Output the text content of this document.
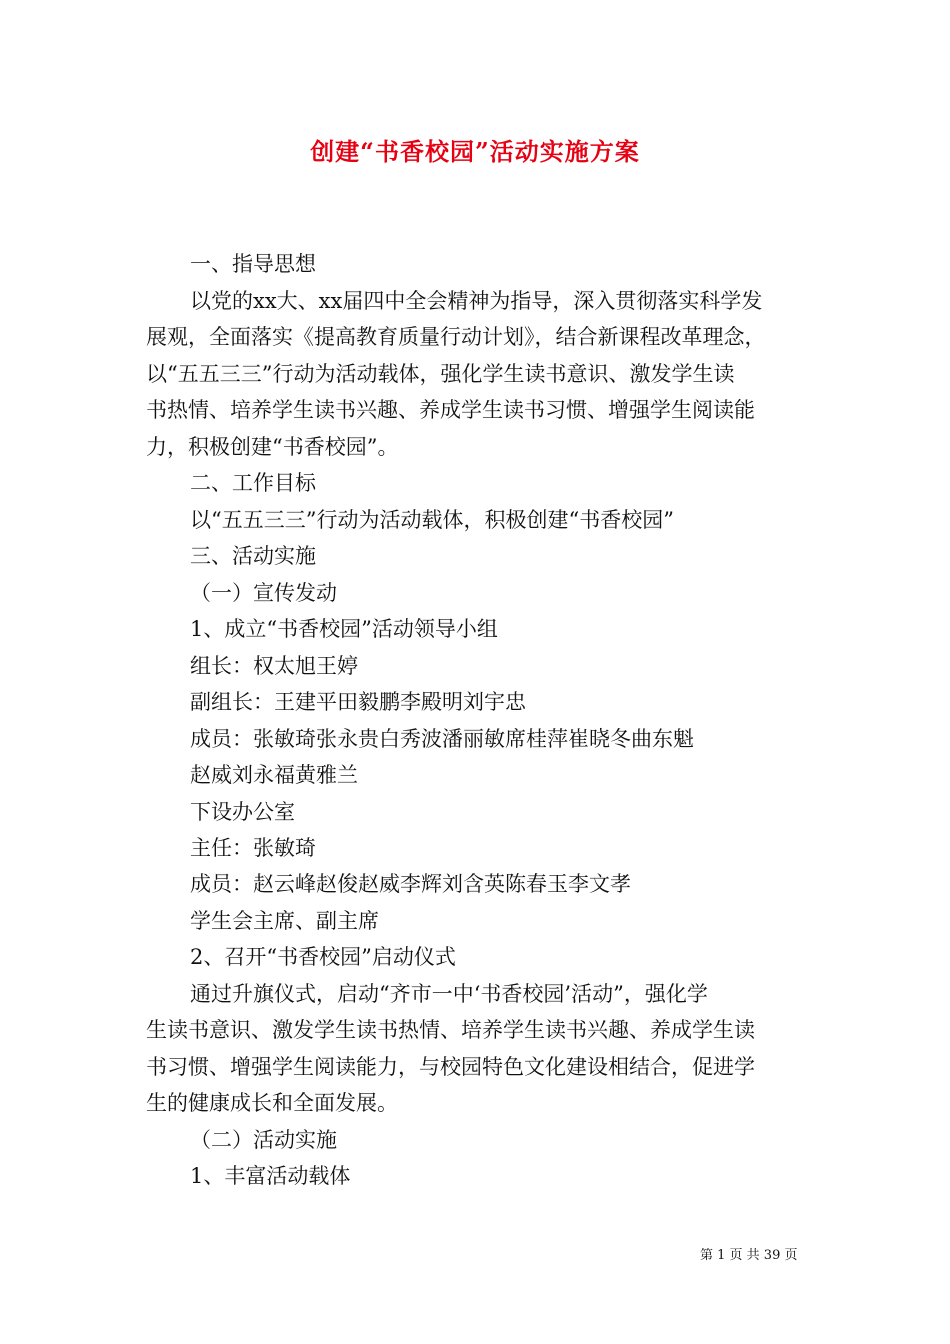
创建“书香校园”活动实施方案

一、指导思想

以党的xx大、xx届四中全会精神为指导，深入贯彻落实科学发

展观，全面落实《提高教育质量行动计划》，结合新课程改革理念，

以“五五三三”行动为活动载体，强化学生读书意识、激发学生读

书热情、培养学生读书兴趣、养成学生读书习惯、增强学生阅读能

力，积极创建“书香校园”。

二、工作目标

以“五五三三”行动为活动载体，积极创建“书香校园”

三、活动实施

（一）宣传发动

1、成立“书香校园”活动领导小组

组长：权太旭王婷

副组长：王建平田毅鹏李殿明刘宇忠

成员：张敏琦张永贵白秀波潘丽敏席桂萍崔晓冬曲东魁

赵威刘永福黄雅兰

下设办公室

主任：张敏琦

成员：赵云峰赵俊赵威李辉刘含英陈春玉李文孝

学生会主席、副主席

2、召开“书香校园”启动仪式

通过升旗仪式，启动“齐市一中‘书香校园’活动”，强化学

生读书意识、激发学生读书热情、培养学生读书兴趣、养成学生读

书习惯、增强学生阅读能力，与校园特色文化建设相结合，促进学

生的健康成长和全面发展。

（二）活动实施

1、丰富活动载体

第 1 页 共 39 页
